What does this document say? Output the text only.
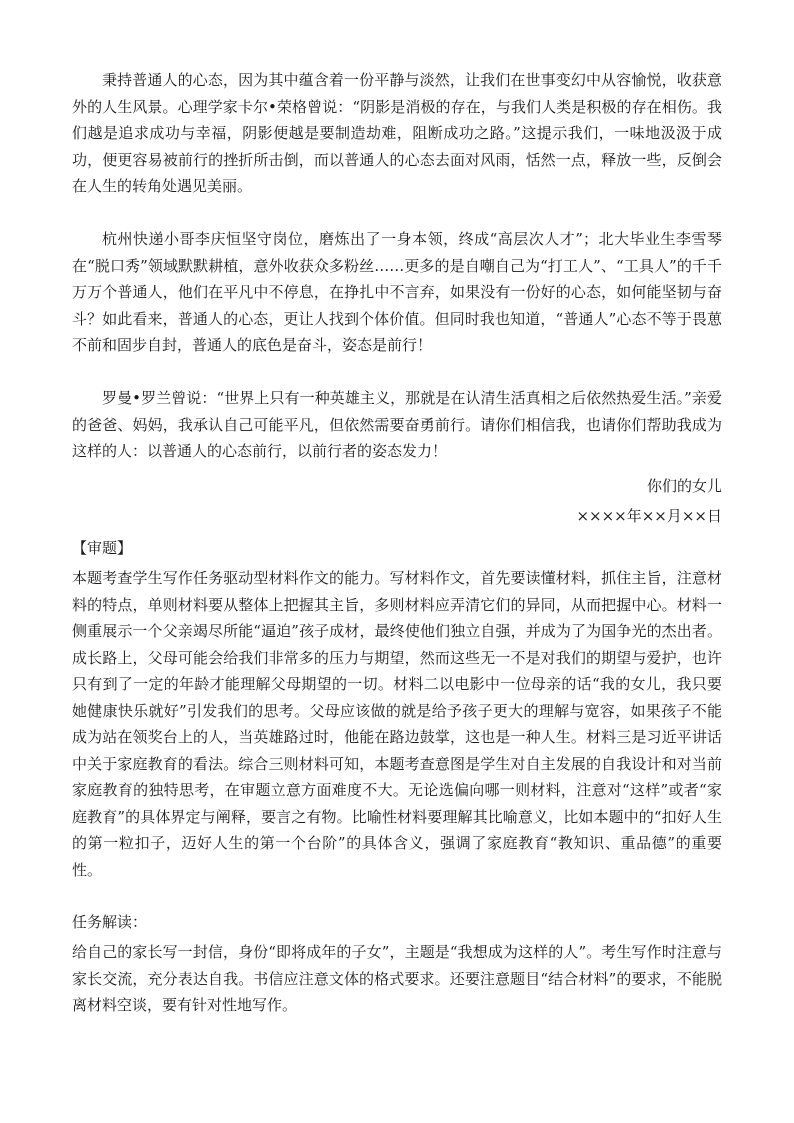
秉持普通人的心态，因为其中蕴含着一份平静与淡然，让我们在世事变幻中从容愉悦，收获意外的人生风景。心理学家卡尔•荣格曾说：“阴影是消极的存在，与我们人类是积极的存在相伤。我们越是追求成功与幸福，阴影便越是要制造劫难，阻断成功之路。”这提示我们，一味地汲汲于成功，便更容易被前行的挫折所击倒，而以普通人的心态去面对风雨，恬然一点，释放一些，反倒会在人生的转角处遇见美丽。

杭州快递小哥李庆恒坚守岗位，磨炼出了一身本领，终成“高层次人才”；北大毕业生李雪琴在“脱口秀”领域默默耕植，意外收获众多粉丝……更多的是自嘲自己为“打工人”、“工具人”的千千万万个普通人，他们在平凡中不停息，在挣扎中不言弃，如果没有一份好的心态，如何能坚韧与奋斗？如此看来，普通人的心态，更让人找到个体价值。但同时我也知道，“普通人”心态不等于畏葸不前和固步自封，普通人的底色是奋斗，姿态是前行！

罗曼•罗兰曾说：“世界上只有一种英雄主义，那就是在认清生活真相之后依然热爱生活。”亲爱的爸爸、妈妈，我承认自己可能平凡，但依然需要奋勇前行。请你们相信我，也请你们帮助我成为这样的人：以普通人的心态前行，以前行者的姿态发力！

你们的女儿

××××年××月××日

【审题】

本题考查学生写作任务驱动型材料作文的能力。写材料作文，首先要读懂材料，抓住主旨，注意材料的特点，单则材料要从整体上把握其主旨，多则材料应弄清它们的异同，从而把握中心。材料一侧重展示一个父亲竭尽所能“逼迫”孩子成材，最终使他们独立自强，并成为了为国争光的杰出者。成长路上，父母可能会给我们非常多的压力与期望，然而这些无一不是对我们的期望与爱护，也许只有到了一定的年龄才能理解父母期望的一切。材料二以电影中一位母亲的话“我的女儿，我只要她健康快乐就好”引发我们的思考。父母应该做的就是给予孩子更大的理解与宽容，如果孩子不能成为站在领奖台上的人，当英雄路过时，他能在路边鼓掌，这也是一种人生。材料三是习近平讲话中关于家庭教育的看法。综合三则材料可知，本题考查意图是学生对自主发展的自我设计和对当前家庭教育的独特思考，在审题立意方面难度不大。无论选偏向哪一则材料，注意对“这样”或者“家庭教育”的具体界定与阐释，要言之有物。比喻性材料要理解其比喻意义，比如本题中的“扣好人生的第一粒扣子，迈好人生的第一个台阶”的具体含义，强调了家庭教育“教知识、重品德”的重要性。

任务解读：

给自己的家长写一封信，身份“即将成年的子女”，主题是“我想成为这样的人”。考生写作时注意与家长交流，充分表达自我。书信应注意文体的格式要求。还要注意题目“结合材料”的要求，不能脱离材料空谈，要有针对性地写作。
